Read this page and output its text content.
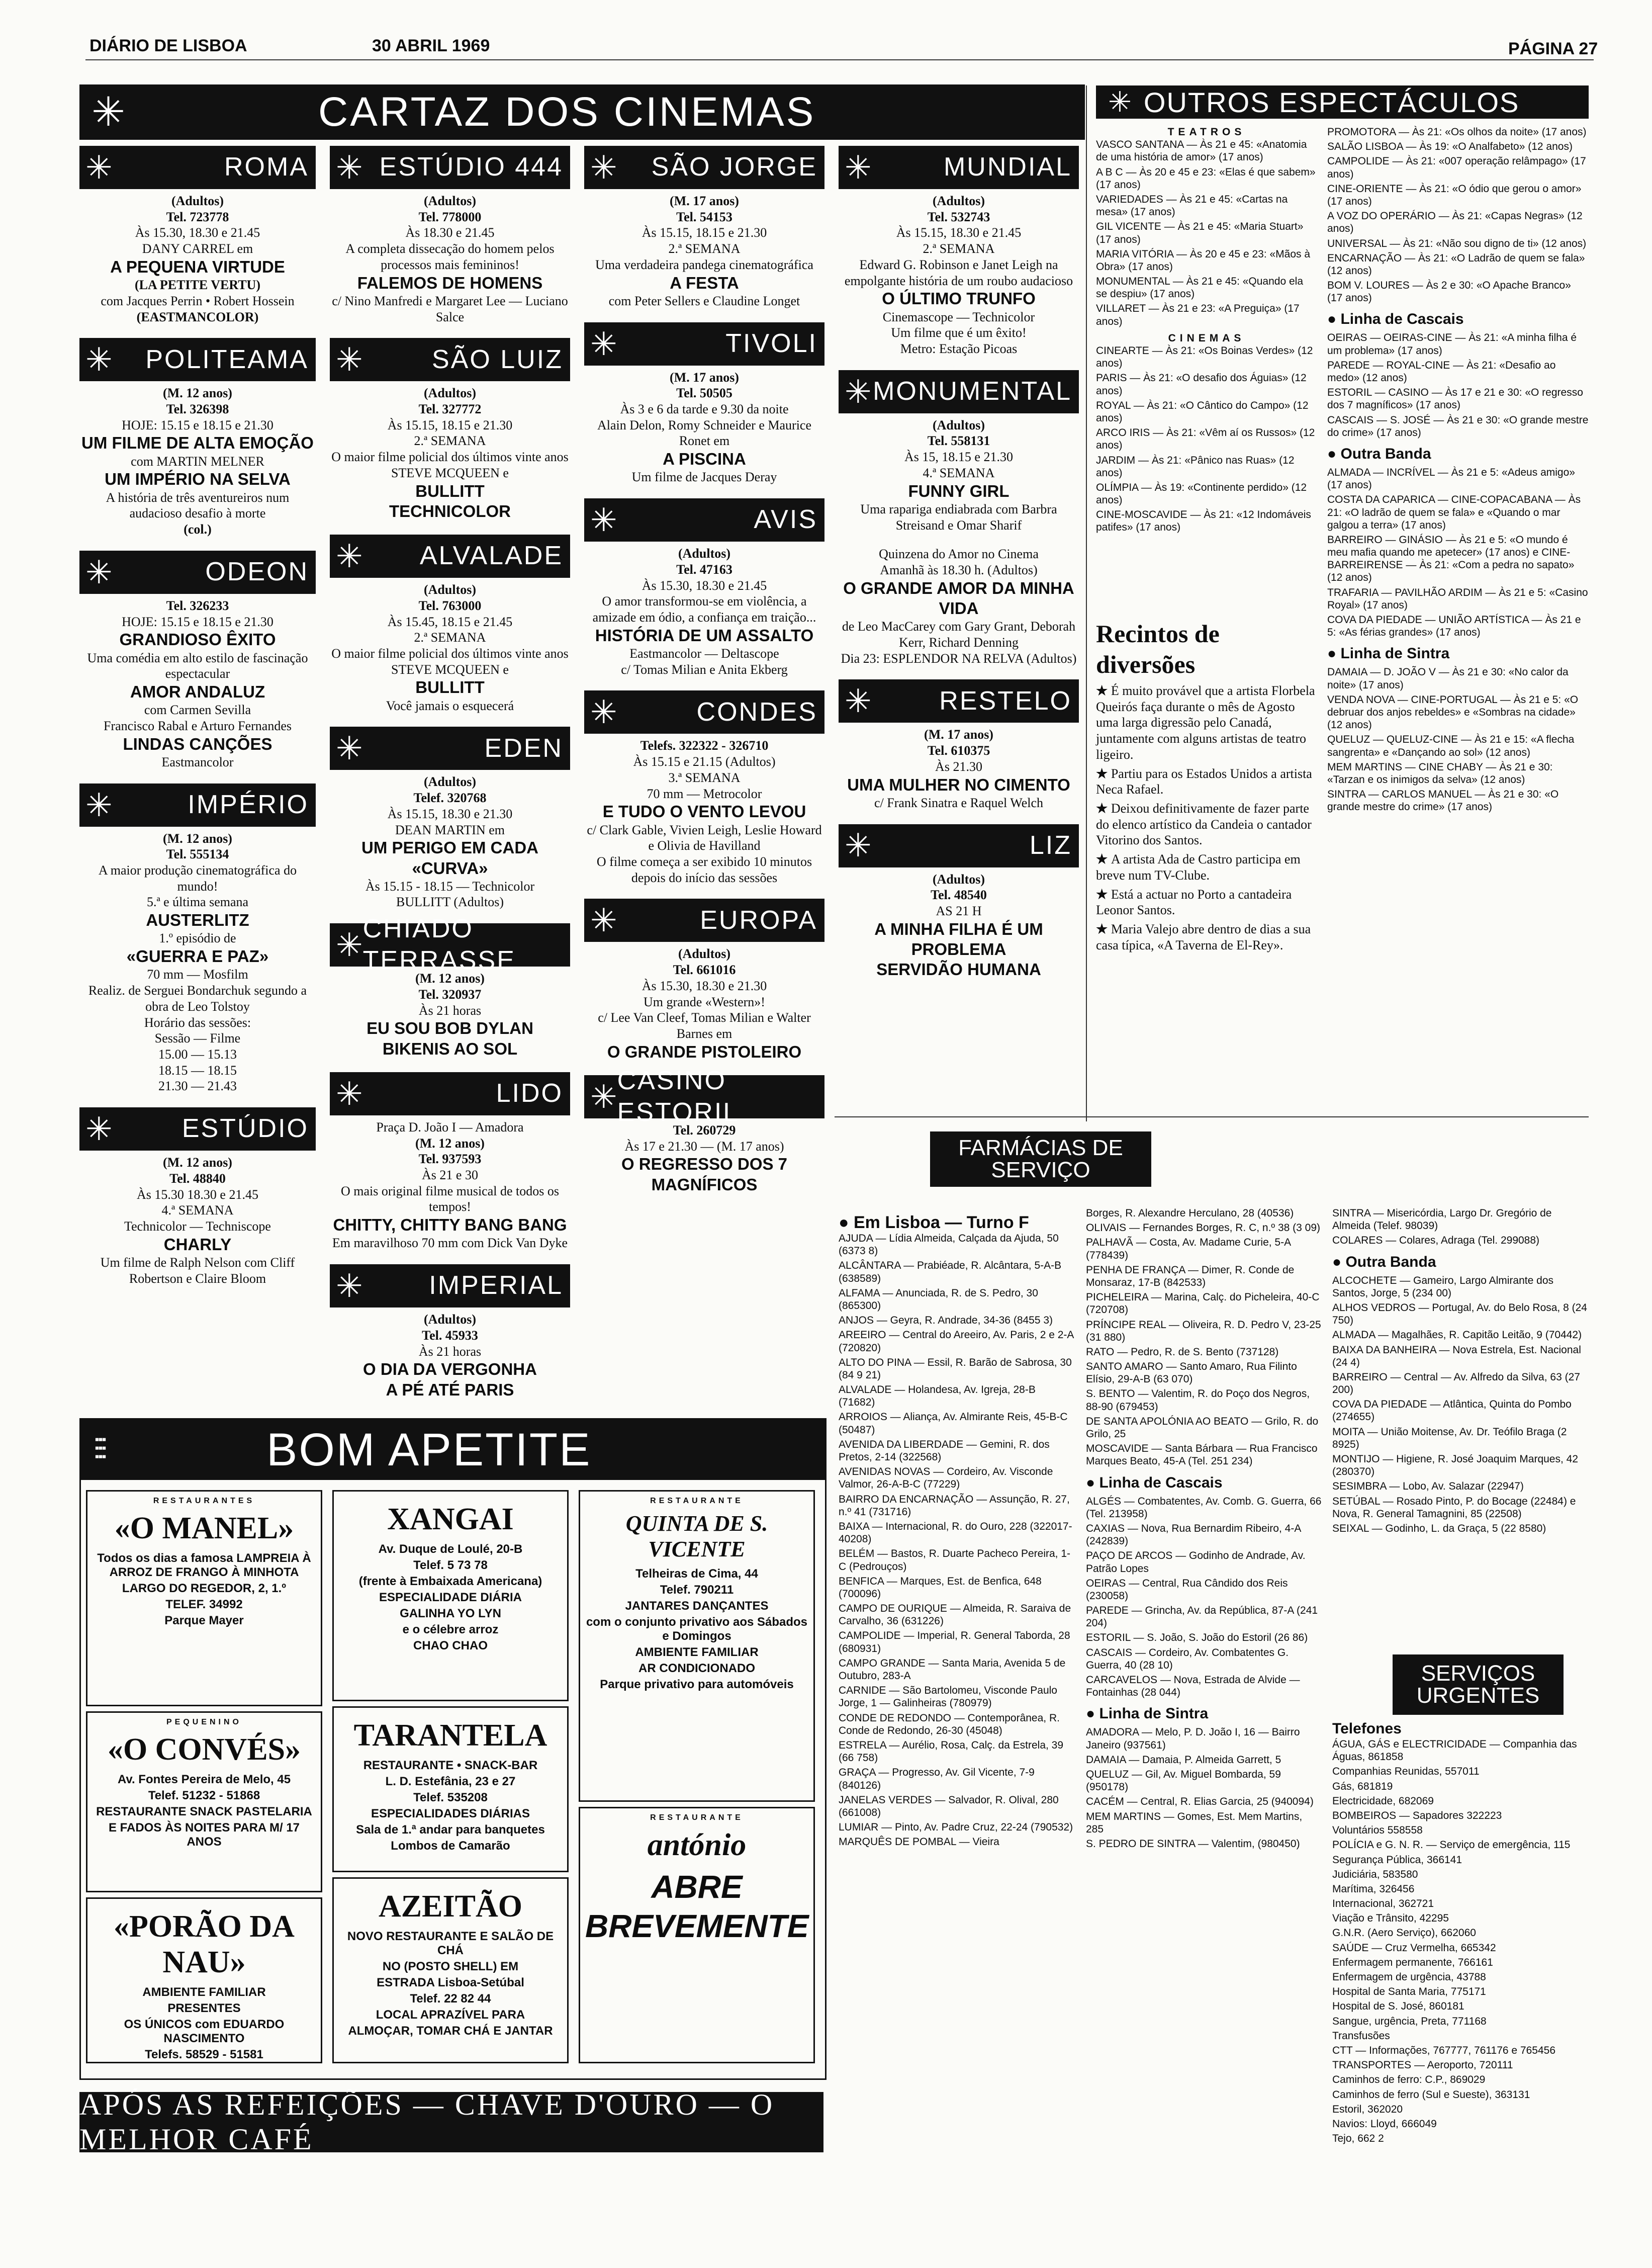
DIÁRIO DE LISBOA	30 ABRIL 1969	PÁGINA 27
✳	CARTAZ DOS CINEMAS	✳ OUTROS ESPECTÁCULOS
✳	ROMA
(Adultos)
Tel. 723778
Às 15.30, 18.30 e 21.45
DANY CARREL em
A PEQUENA VIRTUDE
(LA PETITE VERTU)
com Jacques Perrin • Robert Hossein
(EASTMANCOLOR)
✳ POLITEAMA
(M. 12 anos)
Tel. 326398
HOJE: 15.15 e 18.15 e 21.30
UM FILME DE ALTA EMOÇÃO
com MARTIN MELNER
UM IMPÉRIO NA SELVA
A história de três aventureiros num audacioso desafio à morte
(col.)
✳	ODEON
Tel. 326233
HOJE: 15.15 e 18.15 e 21.30
GRANDIOSO ÊXITO
Uma comédia em alto estilo de fascinação espectacular
AMOR ANDALUZ
com Carmen Sevilla
Francisco Rabal e Arturo Fernandes
LINDAS CANÇÕES
Eastmancolor
✳	IMPÉRIO
(M. 12 anos)
Tel. 555134
A maior produção cinematográfica do mundo!
5.ª e última semana
AUSTERLITZ
1.º episódio de
«GUERRA E PAZ»
70 mm — Mosfilm
Realiz. de Serguei Bondarchuk segundo a obra de Leo Tolstoy
Horário das sessões:
Sessão — Filme
15.00 — 15.13
18.15 — 18.15
21.30 — 21.43
✳	ESTÚDIO
(M. 12 anos)
Tel. 48840
Às 15.30 18.30 e 21.45
4.ª SEMANA
Technicolor — Techniscope
CHARLY
Um filme de Ralph Nelson com Cliff Robertson e Claire Bloom
✳ ESTÚDIO 444
(Adultos)
Tel. 778000
Às 18.30 e 21.45
A completa dissecação do homem pelos processos mais femininos!
FALEMOS DE HOMENS
c/ Nino Manfredi e Margaret Lee — Luciano Salce
✳	SÃO LUIZ
(Adultos)
Tel. 327772
Às 15.15, 18.15 e 21.30
2.ª SEMANA
O maior filme policial dos últimos vinte anos
STEVE MCQUEEN e
BULLITT
TECHNICOLOR
✳ ALVALADE
(Adultos)
Tel. 763000
Às 15.45, 18.15 e 21.45
2.ª SEMANA
O maior filme policial dos últimos vinte anos
STEVE MCQUEEN e
BULLITT
Você jamais o esquecerá
✳	EDEN
(Adultos)
Telef. 320768
Às 15.15, 18.30 e 21.30
DEAN MARTIN em
UM PERIGO EM CADA «CURVA»
Às 15.15 - 18.15 — Technicolor
BULLITT (Adultos)
✳ CHIADO TERRASSE
(M. 12 anos)
Tel. 320937
Às 21 horas
EU SOU BOB DYLAN
BIKENIS AO SOL
✳	LIDO
Praça D. João I — Amadora
(M. 12 anos)
Tel. 937593
Às 21 e 30
O mais original filme musical de todos os tempos!
CHITTY, CHITTY BANG BANG
Em maravilhoso 70 mm com Dick Van Dyke
✳	IMPERIAL
(Adultos)
Tel. 45933
Às 21 horas
O DIA DA VERGONHA
A PÉ ATÉ PARIS
✳ SÃO JORGE
(M. 17 anos)
Tel. 54153
Às 15.15, 18.15 e 21.30
2.ª SEMANA
Uma verdadeira pandega cinematográfica
A FESTA
com Peter Sellers e Claudine Longet
✳	TIVOLI
(M. 17 anos)
Tel. 50505
Às 3 e 6 da tarde e 9.30 da noite
Alain Delon, Romy Schneider e Maurice Ronet em
A PISCINA
Um filme de Jacques Deray
✳	AVIS
(Adultos)
Tel. 47163
Às 15.30, 18.30 e 21.45
O amor transformou-se em violência, a amizade em ódio, a confiança em traição...
HISTÓRIA DE UM ASSALTO
Eastmancolor — Deltascope
c/ Tomas Milian e Anita Ekberg
✳	CONDES
Telefs. 322322 - 326710
Às 15.15 e 21.15 (Adultos)
3.ª SEMANA
70 mm — Metrocolor
E TUDO O VENTO LEVOU
c/ Clark Gable, Vivien Leigh, Leslie Howard e Olivia de Havilland
O filme começa a ser exibido 10 minutos depois do início das sessões
✳	EUROPA
(Adultos)
Tel. 661016
Às 15.30, 18.30 e 21.30
Um grande «Western»!
c/ Lee Van Cleef, Tomas Milian e Walter Barnes em
O GRANDE PISTOLEIRO
✳ CASINO ESTORIL
Tel. 260729
Às 17 e 21.30 — (M. 17 anos)
O REGRESSO DOS 7 MAGNÍFICOS
✳	MUNDIAL
(Adultos)
Tel. 532743
Às 15.15, 18.30 e 21.45
2.ª SEMANA
Edward G. Robinson e Janet Leigh na empolgante história de um roubo audacioso
O ÚLTIMO TRUNFO
Cinemascope — Technicolor
Um filme que é um êxito!
Metro: Estação Picoas
✳ MONUMENTAL
(Adultos)
Tel. 558131
Às 15, 18.15 e 21.30
4.ª SEMANA
FUNNY GIRL
Uma rapariga endiabrada com Barbra Streisand e Omar Sharif
Quinzena do Amor no Cinema
Amanhã às 18.30 h. (Adultos)
O GRANDE AMOR DA MINHA VIDA
de Leo MacCarey com Gary Grant, Deborah Kerr, Richard Denning
Dia 23: ESPLENDOR NA RELVA (Adultos)
✳	RESTELO
(M. 17 anos)
Tel. 610375
Às 21.30
UMA MULHER NO CIMENTO
c/ Frank Sinatra e Raquel Welch
✳	LIZ
(Adultos)
Tel. 48540
AS 21 H
A MINHA FILHA É UM PROBLEMA
SERVIDÃO HUMANA
TEATROS
VASCO SANTANA — Às 21 e 45: «Anatomia de uma história de amor» (17 anos)
A B C — Às 20 e 45 e 23: «Elas é que sabem» (17 anos)
VARIEDADES — Às 21 e 45: «Cartas na mesa» (17 anos)
GIL VICENTE — Às 21 e 45: «Maria Stuart» (17 anos)
MARIA VITÓRIA — Às 20 e 45 e 23: «Mãos à Obra» (17 anos)
MONUMENTAL — Às 21 e 45: «Quando ela se despiu» (17 anos)
VILLARET — Às 21 e 23: «A Preguiça» (17 anos)
CINEMAS
CINEARTE — Às 21: «Os Boinas Verdes» (12 anos)
PARIS — Às 21: «O desafio dos Águias» (12 anos)
ROYAL — Às 21: «O Cântico do Campo» (12 anos)
ARCO IRIS — Às 21: «Vêm aí os Russos» (12 anos)
JARDIM — Às 21: «Pânico nas Ruas» (12 anos)
OLÍMPIA — Às 19: «Continente perdido» (12 anos)
CINE-MOSCAVIDE — Às 21: «12 Indomáveis patifes» (17 anos)
PROMOTORA — Às 21: «Os olhos da noite» (17 anos)
SALÃO LISBOA — Às 19: «O Analfabeto» (12 anos)
CAMPOLIDE — Às 21: «007 operação relâmpago» (17 anos)
CINE-ORIENTE — Às 21: «O ódio que gerou o amor» (17 anos)
A VOZ DO OPERÁRIO — Às 21: «Capas Negras» (12 anos)
UNIVERSAL — Às 21: «Não sou digno de ti» (12 anos)
ENCARNAÇÃO — Às 21: «O Ladrão de quem se fala» (12 anos)
BOM V. LOURES — Às 2 e 30: «O Apache Branco» (17 anos)
● Linha de Cascais
OEIRAS — OEIRAS-CINE — Às 21: «A minha filha é um problema» (17 anos)
PAREDE — ROYAL-CINE — Às 21: «Desafio ao medo» (12 anos)
ESTORIL — CASINO — Às 17 e 21 e 30: «O regresso dos 7 magníficos» (17 anos)
CASCAIS — S. JOSÉ — Às 21 e 30: «O grande mestre do crime» (17 anos)
● Outra Banda
ALMADA — INCRÍVEL — Às 21 e 5: «Adeus amigo» (17 anos)
COSTA DA CAPARICA — CINE-COPACABANA — Às 21: «O ladrão de quem se fala» e «Quando o mar galgou a terra» (17 anos)
BARREIRO — GINÁSIO — Às 21 e 5: «O mundo é meu mafia quando me apetecer» (17 anos) e CINE-BARREIRENSE — Às 21: «Com a pedra no sapato» (12 anos)
TRAFARIA — PAVILHÃO ARDIM — Às 21 e 5: «Casino Royal» (17 anos)
COVA DA PIEDADE — UNIÃO ARTÍSTICA — Às 21 e 5: «As férias grandes» (17 anos)
● Linha de Sintra
DAMAIA — D. JOÃO V — Às 21 e 30: «No calor da noite» (17 anos)
VENDA NOVA — CINE-PORTUGAL — Às 21 e 5: «O debruar dos anjos rebeldes» e «Sombras na cidade» (12 anos)
QUELUZ — QUELUZ-CINE — Às 21 e 15: «A flecha sangrenta» e «Dançando ao sol» (12 anos)
MEM MARTINS — CINE CHABY — Às 21 e 30: «Tarzan e os inimigos da selva» (12 anos)
SINTRA — CARLOS MANUEL — Às 21 e 30: «O grande mestre do crime» (17 anos)
Recintos de diversões
★ É muito provável que a artista Florbela Queirós faça durante o mês de Agosto uma larga digressão pelo Canadá, juntamente com alguns artistas de teatro ligeiro.
★ Partiu para os Estados Unidos a artista Neca Rafael.
★ Deixou definitivamente de fazer parte do elenco artístico da Candeia o cantador Vitorino dos Santos.
★ A artista Ada de Castro participa em breve num TV-Clube.
★ Está a actuar no Porto a cantadeira Leonor Santos.
★ Maria Valejo abre dentro de dias a sua casa típica, «A Taverna de El-Rey».
⫶⫶⫶	BOM APETITE
RESTAURANTES
«O MANEL»
Todos os dias a famosa LAMPREIA À ARROZ DE FRANGO À MINHOTA
LARGO DO REGEDOR, 2, 1.º
TELEF. 34992
Parque Mayer
PEQUENINO
«O CONVÉS»
Av. Fontes Pereira de Melo, 45
Telef. 51232 - 51868
RESTAURANTE SNACK PASTELARIA
E FADOS ÀS NOITES PARA M/ 17 ANOS
«PORÃO DA NAU»
AMBIENTE FAMILIAR
PRESENTES
OS ÚNICOS com EDUARDO NASCIMENTO
Telefs. 58529 - 51581
XANGAI
Av. Duque de Loulé, 20-B
Telef. 5 73 78
(frente à Embaixada Americana)
ESPECIALIDADE DIÁRIA
GALINHA YO LYN
e o célebre arroz
CHAO CHAO
TARANTELA
RESTAURANTE • SNACK-BAR
L. D. Estefânia, 23 e 27
Telef. 535208
ESPECIALIDADES DIÁRIAS
Sala de 1.ª andar para banquetes
Lombos de Camarão
AZEITÃO
NOVO RESTAURANTE E SALÃO DE CHÁ
NO (POSTO SHELL) EM
ESTRADA Lisboa-Setúbal
Telef. 22 82 44
LOCAL APRAZÍVEL PARA
ALMOÇAR, TOMAR CHÁ E JANTAR
RESTAURANTE
QUINTA DE S. VICENTE
Telheiras de Cima, 44
Telef. 790211
JANTARES DANÇANTES
com o conjunto privativo aos Sábados e Domingos
AMBIENTE FAMILIAR
AR CONDICIONADO
Parque privativo para automóveis
RESTAURANTE
antónio
ABRE
BREVEMENTE
APÓS AS REFEIÇÕES — CHAVE D'OURO — O MELHOR CAFÉ
FARMÁCIAS DE SERVIÇO
● Em Lisboa — Turno F
AJUDA — Lídia Almeida, Calçada da Ajuda, 50 (6373 8)
ALCÂNTARA — Prabiéade, R. Alcântara, 5-A-B (638589)
ALFAMA — Anunciada, R. de S. Pedro, 30 (865300)
ANJOS — Geyra, R. Andrade, 34-36 (8455 3)
AREEIRO — Central do Areeiro, Av. Paris, 2 e 2-A (720820)
ALTO DO PINA — Essil, R. Barão de Sabrosa, 30 (84 9 21)
ALVALADE — Holandesa, Av. Igreja, 28-B (71682)
ARROIOS — Aliança, Av. Almirante Reis, 45-B-C (50487)
AVENIDA DA LIBERDADE — Gemini, R. dos Pretos, 2-14 (322568)
AVENIDAS NOVAS — Cordeiro, Av. Visconde Valmor, 26-A-B-C (77229)
BAIRRO DA ENCARNAÇÃO — Assunção, R. 27, n.º 41 (731716)
BAIXA — Internacional, R. do Ouro, 228 (322017-40208)
BELÉM — Bastos, R. Duarte Pacheco Pereira, 1-C (Pedrouços)
BENFICA — Marques, Est. de Benfica, 648 (700096)
CAMPO DE OURIQUE — Almeida, R. Saraiva de Carvalho, 36 (631226)
CAMPOLIDE — Imperial, R. General Taborda, 28 (680931)
CAMPO GRANDE — Santa Maria, Avenida 5 de Outubro, 283-A
CARNIDE — São Bartolomeu, Visconde Paulo Jorge, 1 — Galinheiras (780979)
CONDE DE REDONDO — Contemporânea, R. Conde de Redondo, 26-30 (45048)
ESTRELA — Aurélio, Rosa, Calç. da Estrela, 39 (66 758)
GRAÇA — Progresso, Av. Gil Vicente, 7-9 (840126)
JANELAS VERDES — Salvador, R. Olival, 280 (661008)
LUMIAR — Pinto, Av. Padre Cruz, 22-24 (790532)
MARQUÊS DE POMBAL — Vieira
Borges, R. Alexandre Herculano, 28 (40536)
OLIVAIS — Fernandes Borges, R. C, n.º 38 (3 09)
PALHAVÃ — Costa, Av. Madame Curie, 5-A (778439)
PENHA DE FRANÇA — Dimer, R. Conde de Monsaraz, 17-B (842533)
PICHELEIRA — Marina, Calç. do Picheleira, 40-C (720708)
PRÍNCIPE REAL — Oliveira, R. D. Pedro V, 23-25 (31 880)
RATO — Pedro, R. de S. Bento (737128)
SANTO AMARO — Santo Amaro, Rua Filinto Elísio, 29-A-B (63 070)
S. BENTO — Valentim, R. do Poço dos Negros, 88-90 (679453)
DE SANTA APOLÓNIA AO BEATO — Grilo, R. do Grilo, 25
MOSCAVIDE — Santa Bárbara — Rua Francisco Marques Beato, 45-A (Tel. 251 234)
● Linha de Cascais
ALGÉS — Combatentes, Av. Comb. G. Guerra, 66 (Tel. 213958)
CAXIAS — Nova, Rua Bernardim Ribeiro, 4-A (242839)
PAÇO DE ARCOS — Godinho de Andrade, Av. Patrão Lopes
OEIRAS — Central, Rua Cândido dos Reis (230058)
PAREDE — Grincha, Av. da República, 87-A (241 204)
ESTORIL — S. João, S. João do Estoril (26 86)
CASCAIS — Cordeiro, Av. Combatentes G. Guerra, 40 (28 10)
CARCAVELOS — Nova, Estrada de Alvide — Fontainhas (28 044)
● Linha de Sintra
AMADORA — Melo, P. D. João I, 16 — Bairro Janeiro (937561)
DAMAIA — Damaia, P. Almeida Garrett, 5
QUELUZ — Gil, Av. Miguel Bombarda, 59 (950178)
CACÉM — Central, R. Elias Garcia, 25 (940094)
MEM MARTINS — Gomes, Est. Mem Martins, 285
S. PEDRO DE SINTRA — Valentim, (980450)
SINTRA — Misericórdia, Largo Dr. Gregório de Almeida (Telef. 98039)
COLARES — Colares, Adraga (Tel. 299088)
● Outra Banda
ALCOCHETE — Gameiro, Largo Almirante dos Santos, Jorge, 5 (234 00)
ALHOS VEDROS — Portugal, Av. do Belo Rosa, 8 (24 750)
ALMADA — Magalhães, R. Capitão Leitão, 9 (70442)
BAIXA DA BANHEIRA — Nova Estrela, Est. Nacional (24 4)
BARREIRO — Central — Av. Alfredo da Silva, 63 (27 200)
COVA DA PIEDADE — Atlântica, Quinta do Pombo (274655)
MOITA — União Moitense, Av. Dr. Teófilo Braga (2 8925)
MONTIJO — Higiene, R. José Joaquim Marques, 42 (280370)
SESIMBRA — Lobo, Av. Salazar (22947)
SETÚBAL — Rosado Pinto, P. do Bocage (22484) e Nova, R. General Tamagnini, 85 (22508)
SEIXAL — Godinho, L. da Graça, 5 (22 8580)
SERVIÇOS URGENTES
Telefones
ÁGUA, GÁS e ELECTRICIDADE — Companhia das Águas, 861858
Companhias Reunidas, 557011
Gás, 681819
Electricidade, 682069
BOMBEIROS — Sapadores 322223
Voluntários 558558
POLÍCIA e G. N. R. — Serviço de emergência, 115
Segurança Pública, 366141
Judiciária, 583580
Marítima, 326456
Internacional, 362721
Viação e Trânsito, 42295
G.N.R. (Aero Serviço), 662060
SAÚDE — Cruz Vermelha, 665342
Enfermagem permanente, 766161
Enfermagem de urgência, 43788
Hospital de Santa Maria, 775171
Hospital de S. José, 860181
Sangue, urgência, Preta, 771168
Transfusões
CTT — Informações, 767777, 761176 e 765456
TRANSPORTES — Aeroporto, 720111
Caminhos de ferro: C.P., 869029
Caminhos de ferro (Sul e Sueste), 363131
Estoril, 362020
Navios: Lloyd, 666049
Tejo, 662 2
